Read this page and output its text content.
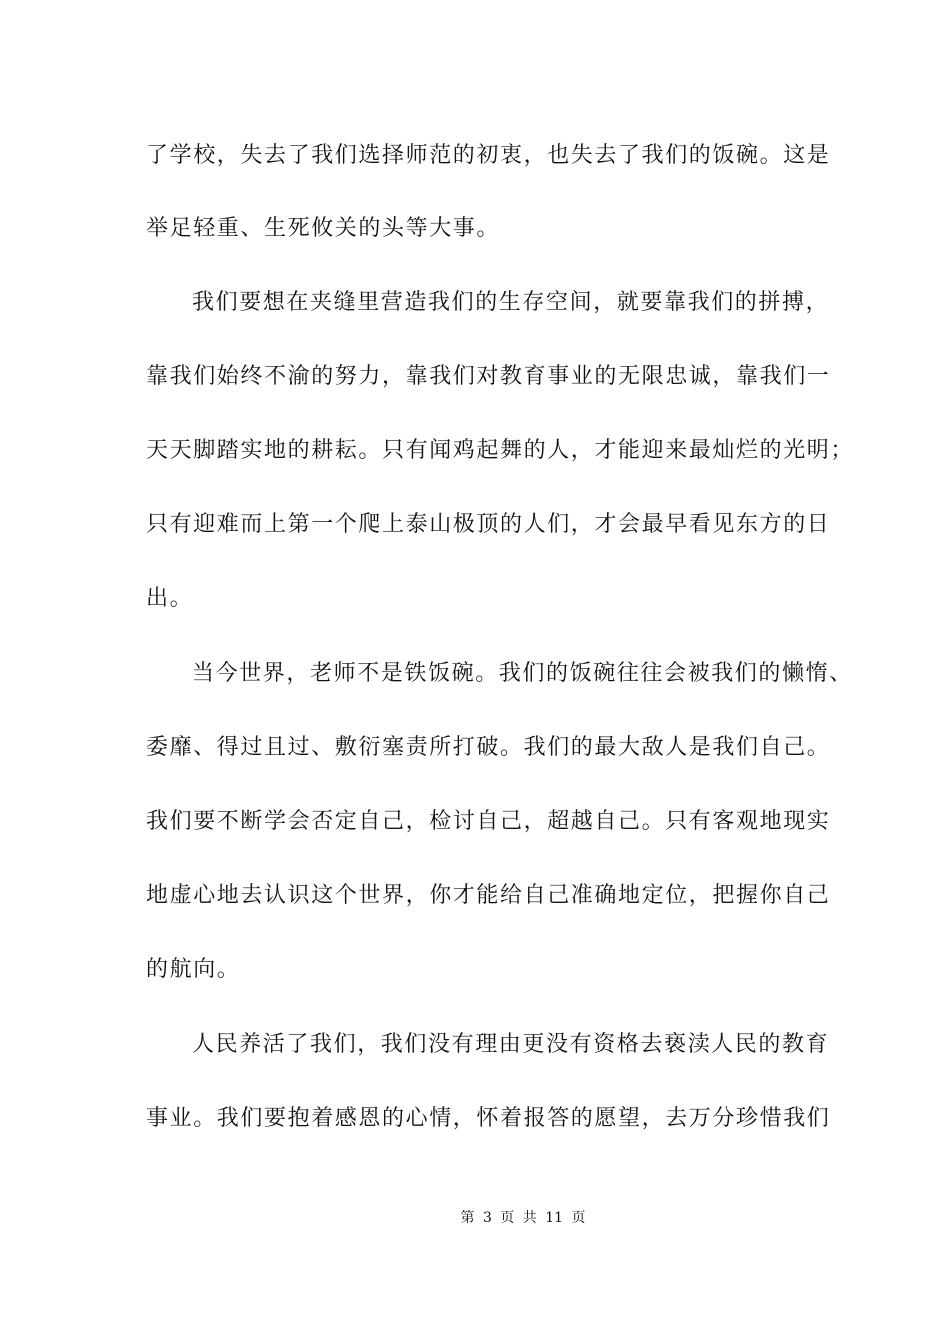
了学校，失去了我们选择师范的初衷，也失去了我们的饭碗。这是
举足轻重、生死攸关的头等大事。
我们要想在夹缝里营造我们的生存空间，就要靠我们的拼搏，
靠我们始终不渝的努力，靠我们对教育事业的无限忠诚，靠我们一
天天脚踏实地的耕耘。只有闻鸡起舞的人，才能迎来最灿烂的光明；
只有迎难而上第一个爬上泰山极顶的人们，才会最早看见东方的日
出。
当今世界，老师不是铁饭碗。我们的饭碗往往会被我们的懒惰、
委靡、得过且过、敷衍塞责所打破。我们的最大敌人是我们自己。
我们要不断学会否定自己，检讨自己，超越自己。只有客观地现实
地虚心地去认识这个世界，你才能给自己准确地定位，把握你自己
的航向。
人民养活了我们，我们没有理由更没有资格去亵渎人民的教育
事业。我们要抱着感恩的心情，怀着报答的愿望，去万分珍惜我们
第 3 页 共 11 页
